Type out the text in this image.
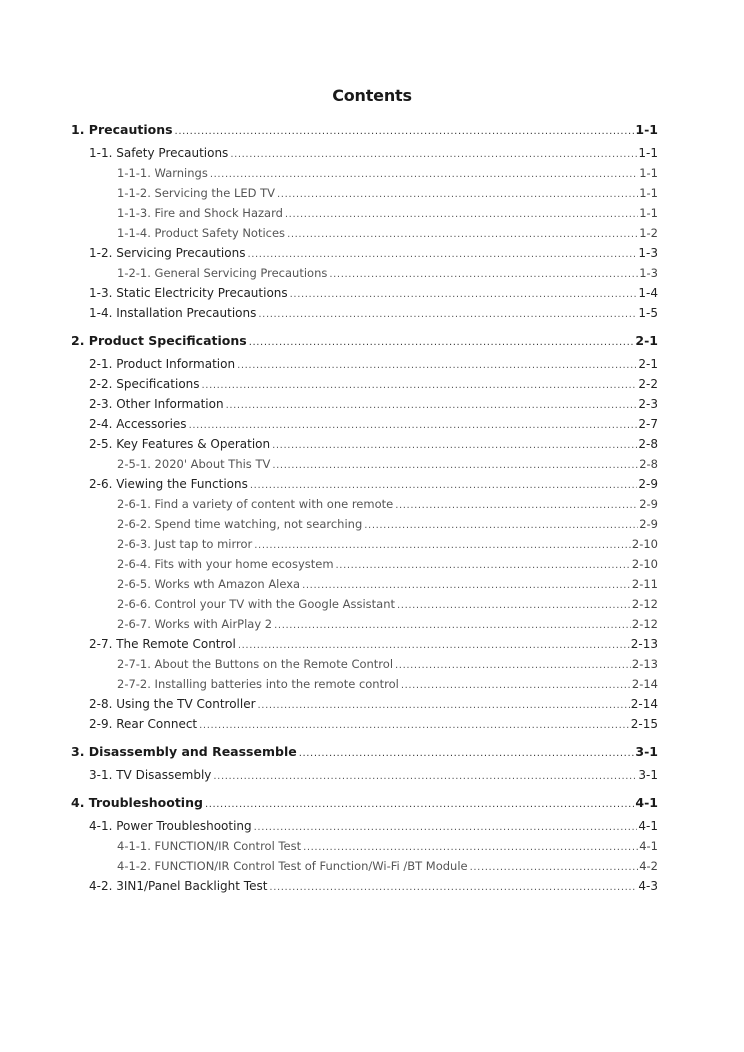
Contents
1. Precautions .....	1-1
1-1. Safety Precautions .....	1-1
1-1-1. Warnings .....	1-1
1-1-2. Servicing the LED TV .....	1-1
1-1-3. Fire and Shock Hazard .....	1-1
1-1-4. Product Safety Notices .....	1-2
1-2. Servicing Precautions .....	1-3
1-2-1. General Servicing Precautions .....	1-3
1-3. Static Electricity Precautions .....	1-4
1-4. Installation Precautions .....	1-5
2. Product Specifications .....	2-1
2-1. Product Information .....	2-1
2-2. Specifications .....	2-2
2-3. Other Information .....	2-3
2-4. Accessories .....	2-7
2-5. Key Features & Operation .....	2-8
2-5-1. 2020' About This TV .....	2-8
2-6. Viewing the Functions .....	2-9
2-6-1. Find a variety of content with one remote .....	2-9
2-6-2. Spend time watching, not searching .....	2-9
2-6-3. Just tap to mirror .....	2-10
2-6-4. Fits with your home ecosystem .....	2-10
2-6-5. Works wth Amazon Alexa .....	2-11
2-6-6. Control your TV with the Google Assistant .....	2-12
2-6-7. Works with AirPlay 2 .....	2-12
2-7. The Remote Control .....	2-13
2-7-1. About the Buttons on the Remote Control .....	2-13
2-7-2. Installing batteries into the remote control .....	2-14
2-8. Using the TV Controller .....	2-14
2-9. Rear Connect .....	2-15
3. Disassembly and Reassemble .....	3-1
3-1. TV Disassembly .....	3-1
4. Troubleshooting .....	4-1
4-1. Power Troubleshooting .....	4-1
4-1-1. FUNCTION/IR Control Test .....	4-1
4-1-2. FUNCTION/IR Control Test of Function/Wi-Fi /BT Module .....	4-2
4-2. 3IN1/Panel Backlight Test .....	4-3
